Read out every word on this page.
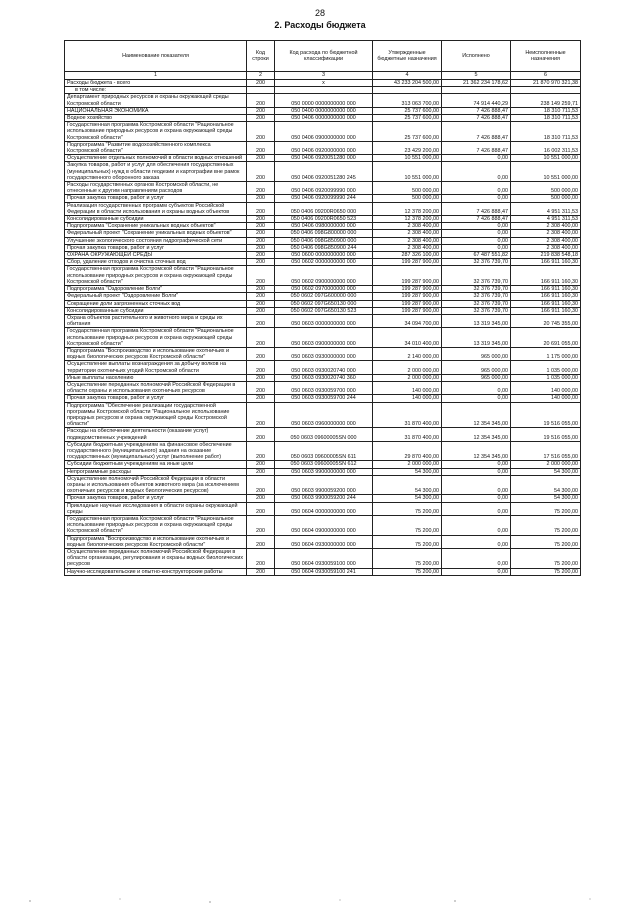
28
2. Расходы бюджета
Наименование показателя	Код строки	Код расхода по бюджетной классификации	Утвержденные бюджетные назначения	Исполнено	Неисполненные назначения
1	2	3	4	5	6
Расходы бюджета - всего	200	x	43 233 204 500,00	21 362 234 178,62	21 870 970 321,38
в том числе:					
Департамент природных ресурсов и охраны окружающей среды Костромской области	200	050 0000 0000000000 000	313 063 700,00	74 914 440,29	238 149 259,71
НАЦИОНАЛЬНАЯ ЭКОНОМИКА	200	050 0400 0000000000 000	25 737 600,00	7 426 888,47	18 310 711,53
Водное хозяйство	200	050 0406 0000000000 000	25 737 600,00	7 426 888,47	18 310 711,53
Государственная программа Костромской области "Рациональное использование природных ресурсов и охрана окружающей среды Костромской области"	200	050 0406 0900000000 000	25 737 600,00	7 426 888,47	18 310 711,53
Подпрограмма "Развитие водохозяйственного комплекса Костромской области"	200	050 0406 0920000000 000	23 429 200,00	7 426 888,47	16 002 311,53
Осуществление отдельных полномочий в области водных отношений	200	050 0406 0920051280 000	10 551 000,00	0,00	10 551 000,00
Закупка товаров, работ и услуг для обеспечения государственных (муниципальных) нужд в области геодезии и картографии вне рамок государственного оборонного заказа	200	050 0406 0920051280 245	10 551 000,00	0,00	10 551 000,00
Расходы государственных органов Костромской области, не отнесенные к другим направлениям расходов	200	050 0406 0920099990 000	500 000,00	0,00	500 000,00
Прочая закупка товаров, работ и услуг	200	050 0406 0920099990 244	500 000,00	0,00	500 000,00
Реализация государственных программ субъектов Российской Федерации в области использования и охраны водных объектов	200	050 0406 09200R0650 000	12 378 200,00	7 426 888,47	4 951 311,53
Консолидированные субсидии	200	050 0406 09200R0650 523	12 378 200,00	7 426 888,47	4 951 311,53
Подпрограмма "Сохранение уникальных водных объектов"	200	050 0406 0980000000 000	2 308 400,00	0,00	2 308 400,00
Федеральный проект "Сохранение уникальных водных объектов"	200	050 0406 098G800000 000	2 308 400,00	0,00	2 308 400,00
Улучшение экологического состояния гидрографической сети	200	050 0406 098G850900 000	2 308 400,00	0,00	2 308 400,00
Прочая закупка товаров, работ и услуг	200	050 0406 098G850900 244	2 308 400,00	0,00	2 308 400,00
ОХРАНА ОКРУЖАЮЩЕЙ СРЕДЫ	200	050 0600 0000000000 000	287 326 100,00	67 487 551,82	219 838 548,18
Сбор, удаление отходов и очистка сточных вод	200	050 0602 0000000000 000	199 287 900,00	32 376 739,70	166 911 160,30
Государственная программа Костромской области "Рациональное использование природных ресурсов и охрана окружающей среды Костромской области"	200	050 0602 0900000000 000	199 287 900,00	32 376 739,70	166 911 160,30
Подпрограмма "Оздоровление Волги"	200	050 0602 0970000000 000	199 287 900,00	32 376 739,70	166 911 160,30
Федеральный проект "Оздоровление Волги"	200	050 0602 097G600000 000	199 287 900,00	32 376 739,70	166 911 160,30
Сокращение доли загрязненных сточных вод	200	050 0602 097G650130 000	199 287 900,00	32 376 739,70	166 911 160,30
Консолидированные субсидии	200	050 0602 097G650130 523	199 287 900,00	32 376 739,70	166 911 160,30
Охрана объектов растительного и животного мира и среды их обитания	200	050 0603 0000000000 000	34 094 700,00	13 319 345,00	20 745 355,00
Государственная программа Костромской области "Рациональное использование природных ресурсов и охрана окружающей среды Костромской области"	200	050 0603 0900000000 000	34 010 400,00	13 319 345,00	20 691 055,00
Подпрограмма "Воспроизводство и использование охотничьих и водных биологических ресурсов Костромской области"	200	050 0603 0930000000 000	2 140 000,00	965 000,00	1 175 000,00
Осуществление выплаты вознаграждения за добычу волков на территории охотничьих угодий Костромской области	200	050 0603 0930020740 000	2 000 000,00	965 000,00	1 035 000,00
Иные выплаты населению	200	050 0603 0930020740 360	2 000 000,00	965 000,00	1 035 000,00
Осуществление переданных полномочий Российской Федерации в области охраны и использования охотничьих ресурсов	200	050 0603 0930059700 000	140 000,00	0,00	140 000,00
Прочая закупка товаров, работ и услуг	200	050 0603 0930059700 244	140 000,00	0,00	140 000,00
Подпрограмма "Обеспечение реализации государственной программы Костромской области "Рациональное использование природных ресурсов и охрана окружающей среды Костромской области"	200	050 0603 0960000000 000	31 870 400,00	12 354 345,00	19 516 055,00
Расходы на обеспечение деятельности (оказание услуг) подведомственных учреждений	200	050 0603 09600005SN 000	31 870 400,00	12 354 345,00	19 516 055,00
Субсидии бюджетным учреждениям на финансовое обеспечение государственного (муниципального) задания на оказание государственных (муниципальных) услуг (выполнение работ)	200	050 0603 09600005SN 611	29 870 400,00	12 354 345,00	17 516 055,00
Субсидии бюджетным учреждениям на иные цели	200	050 0603 09600005SN 612	2 000 000,00	0,00	2 000 000,00
Непрограммные расходы	200	050 0603 9900000000 000	54 300,00	0,00	54 300,00
Осуществление полномочий Российской Федерации в области охраны и использования объектов животного мира (за исключением охотничьих ресурсов и водных биологических ресурсов)	200	050 0603 9900059200 000	54 300,00	0,00	54 300,00
Прочая закупка товаров, работ и услуг	200	050 0603 9900059200 244	54 300,00	0,00	54 300,00
Прикладные научные исследования в области охраны окружающей среды	200	050 0604 0000000000 000	75 200,00	0,00	75 200,00
Государственная программа Костромской области "Рациональное использование природных ресурсов и охрана окружающей среды Костромской области"	200	050 0604 0900000000 000	75 200,00	0,00	75 200,00
Подпрограмма "Воспроизводство и использование охотничьих и водных биологических ресурсов Костромской области"	200	050 0604 0930000000 000	75 200,00	0,00	75 200,00
Осуществление переданных полномочий Российской Федерации в области организации, регулирования и охраны водных биологических ресурсов	200	050 0604 0930059100 000	75 200,00	0,00	75 200,00
Научно-исследовательские и опытно-конструкторские работы	200	050 0604 0930059100 241	75 200,00	0,00	75 200,00
